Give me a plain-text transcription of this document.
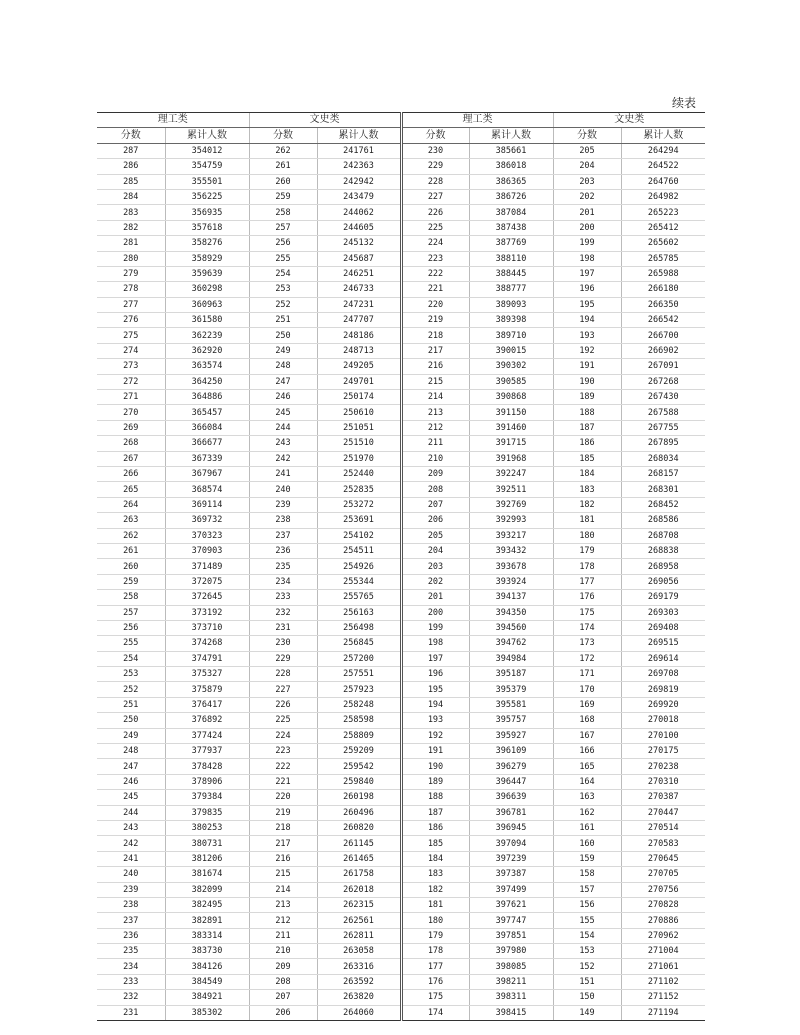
续表
理工类		文史类		理工类		文史类	
分数	累计人数	分数	累计人数	分数	累计人数	分数	累计人数
287	354012	262	241761	230	385661	205	264294
286	354759	261	242363	229	386018	204	264522
285	355501	260	242942	228	386365	203	264760
284	356225	259	243479	227	386726	202	264982
283	356935	258	244062	226	387084	201	265223
282	357618	257	244605	225	387438	200	265412
281	358276	256	245132	224	387769	199	265602
280	358929	255	245687	223	388110	198	265785
279	359639	254	246251	222	388445	197	265988
278	360298	253	246733	221	388777	196	266180
277	360963	252	247231	220	389093	195	266350
276	361580	251	247707	219	389398	194	266542
275	362239	250	248186	218	389710	193	266700
274	362920	249	248713	217	390015	192	266902
273	363574	248	249205	216	390302	191	267091
272	364250	247	249701	215	390585	190	267268
271	364886	246	250174	214	390868	189	267430
270	365457	245	250610	213	391150	188	267588
269	366084	244	251051	212	391460	187	267755
268	366677	243	251510	211	391715	186	267895
267	367339	242	251970	210	391968	185	268034
266	367967	241	252440	209	392247	184	268157
265	368574	240	252835	208	392511	183	268301
264	369114	239	253272	207	392769	182	268452
263	369732	238	253691	206	392993	181	268586
262	370323	237	254102	205	393217	180	268708
261	370903	236	254511	204	393432	179	268838
260	371489	235	254926	203	393678	178	268958
259	372075	234	255344	202	393924	177	269056
258	372645	233	255765	201	394137	176	269179
257	373192	232	256163	200	394350	175	269303
256	373710	231	256498	199	394560	174	269408
255	374268	230	256845	198	394762	173	269515
254	374791	229	257200	197	394984	172	269614
253	375327	228	257551	196	395187	171	269708
252	375879	227	257923	195	395379	170	269819
251	376417	226	258248	194	395581	169	269920
250	376892	225	258598	193	395757	168	270018
249	377424	224	258809	192	395927	167	270100
248	377937	223	259209	191	396109	166	270175
247	378428	222	259542	190	396279	165	270238
246	378906	221	259840	189	396447	164	270310
245	379384	220	260198	188	396639	163	270387
244	379835	219	260496	187	396781	162	270447
243	380253	218	260820	186	396945	161	270514
242	380731	217	261145	185	397094	160	270583
241	381206	216	261465	184	397239	159	270645
240	381674	215	261758	183	397387	158	270705
239	382099	214	262018	182	397499	157	270756
238	382495	213	262315	181	397621	156	270828
237	382891	212	262561	180	397747	155	270886
236	383314	211	262811	179	397851	154	270962
235	383730	210	263058	178	397980	153	271004
234	384126	209	263316	177	398085	152	271061
233	384549	208	263592	176	398211	151	271102
232	384921	207	263820	175	398311	150	271152
231	385302	206	264060	174	398415	149	271194
